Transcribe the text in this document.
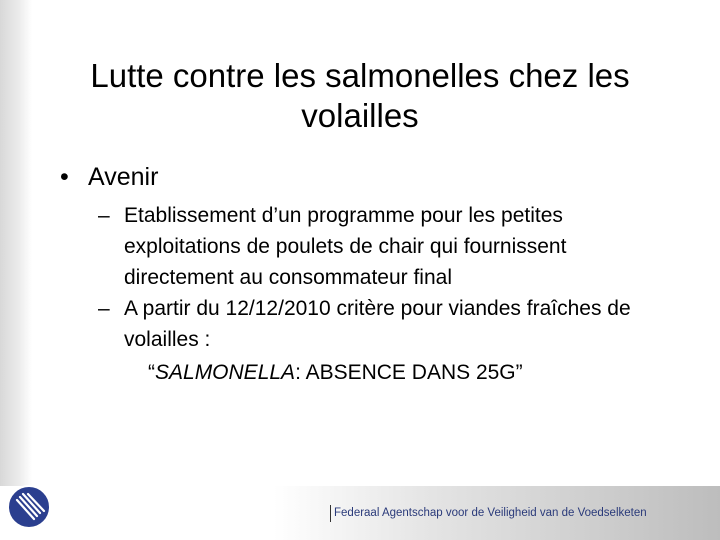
Lutte contre les salmonelles chez les volailles
• Avenir
– Etablissement d’un programme pour les petites exploitations de poulets de chair qui fournissent directement au consommateur final
– A partir du 12/12/2010 critère pour viandes fraîches de volailles :
“SALMONELLA: ABSENCE DANS 25G”
Federaal Agentschap voor de Veiligheid van de Voedselketen
